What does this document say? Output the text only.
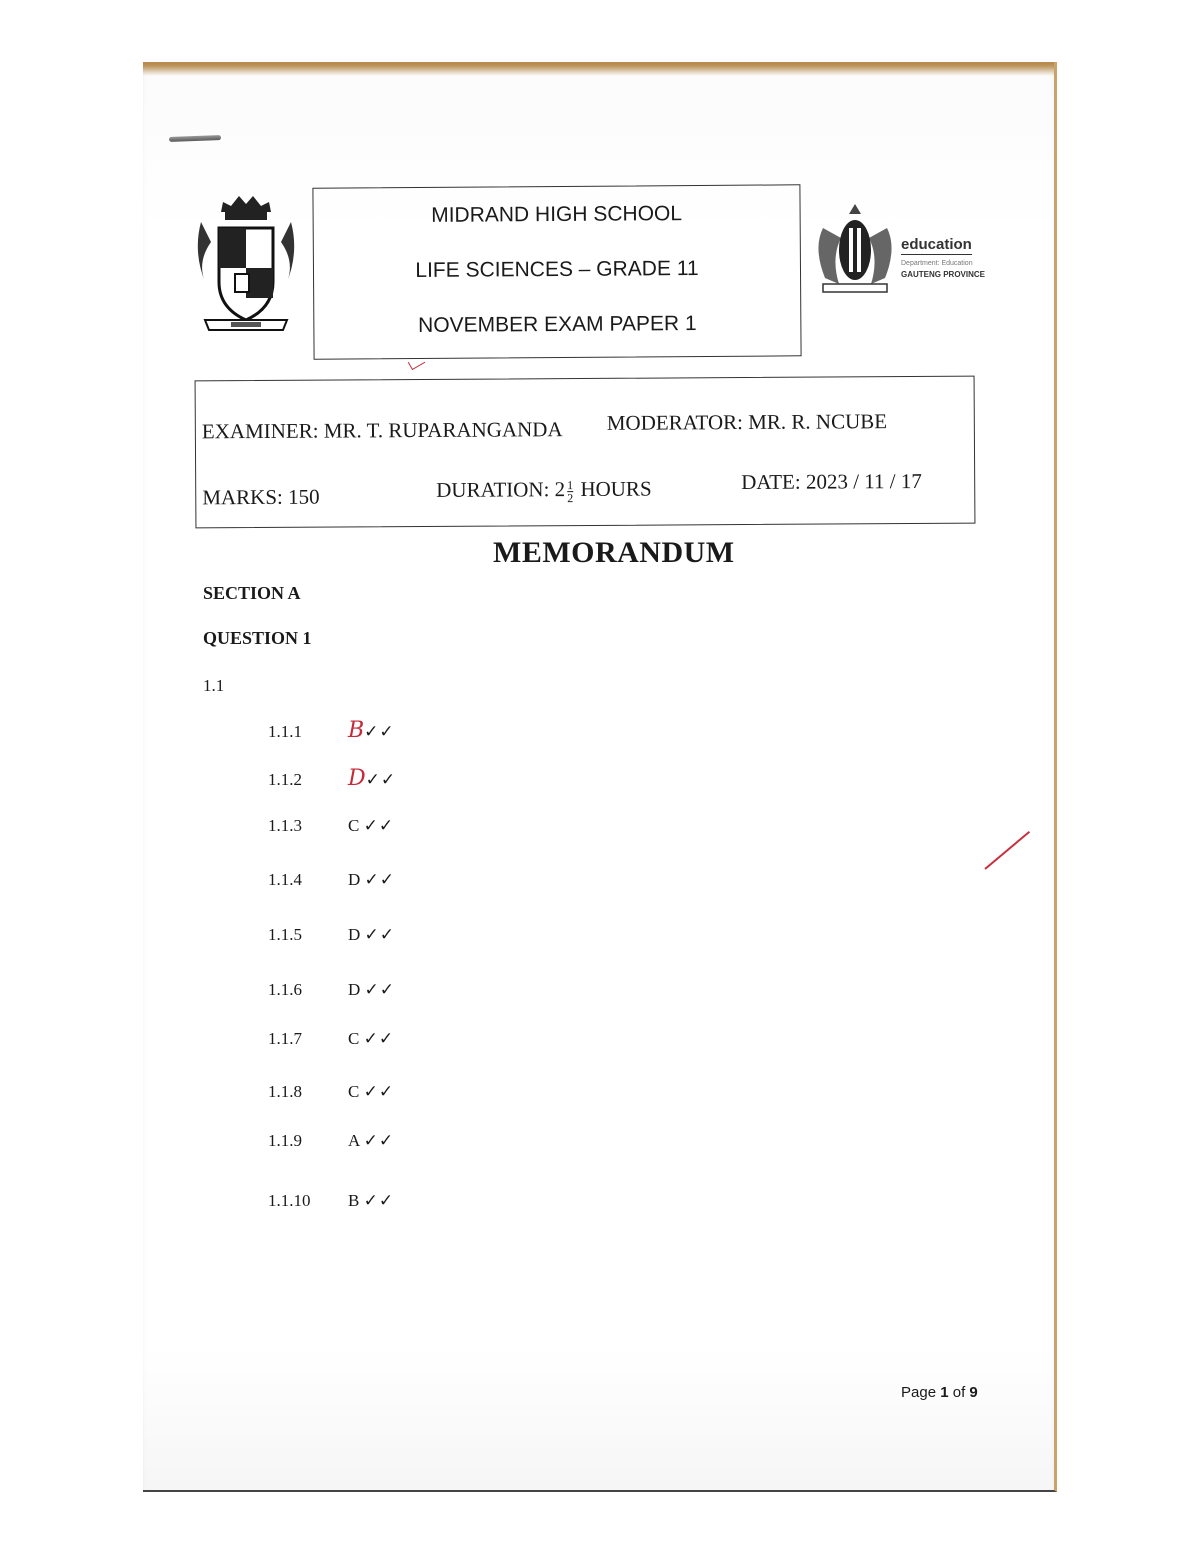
MIDRAND HIGH SCHOOL
LIFE SCIENCES – GRADE 11
NOVEMBER EXAM PAPER 1
education
Department: Education
GAUTENG PROVINCE
EXAMINER: MR. T. RUPARANGANDA MODERATOR: MR. R. NCUBE
MARKS: 150	DURATION: $2 \frac{1}{2}$ HOURS	DATE: 2023 / 11 / 17
MEMORANDUM
SECTION A
QUESTION 1
1.1
1.1.1 B✓✓
1.1.2 D✓✓
1.1.3	C ✓✓
1.1.4	D ✓✓
1.1.5	D ✓✓
1.1.6	D ✓✓
1.1.7	C ✓✓
1.1.8	C ✓✓
1.1.9	A ✓✓
1.1.10 B ✓✓
Page 1 of 9
